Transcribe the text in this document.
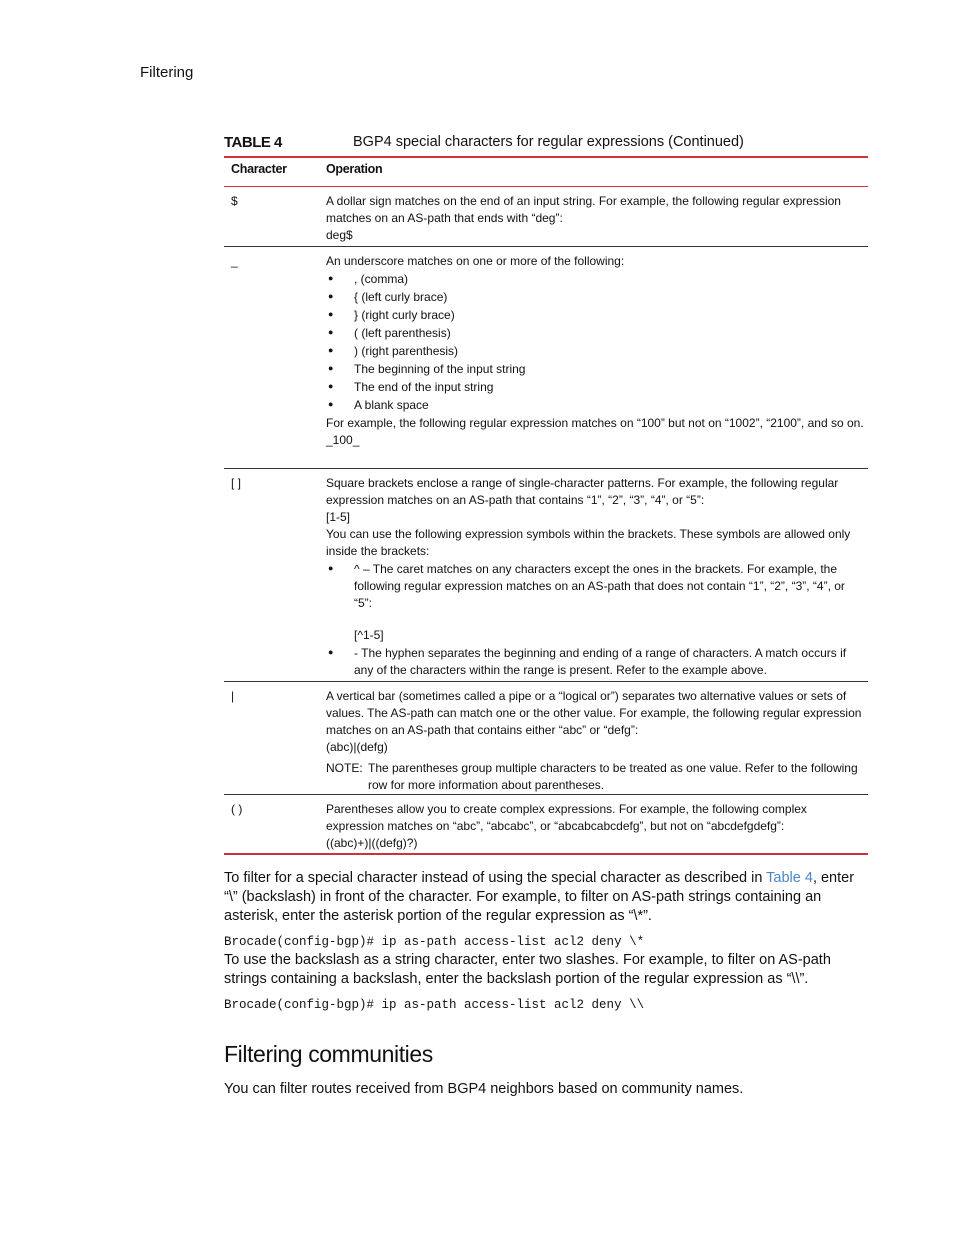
Filtering
TABLE 4	BGP4 special characters for regular expressions (Continued)
Character	Operation
$	A dollar sign matches on the end of an input string. For example, the following regular expression matches on an AS-path that ends with “deg”:

deg$

_	An underscore matches on one or more of the following:

● , (comma)
● { (left curly brace)
● } (right curly brace)
● ( (left parenthesis)
● ) (right parenthesis)
● The beginning of the input string
● The end of the input string
● A blank space

For example, the following regular expression matches on “100” but not on “1002”, “2100”, and so on.

_100_

[ ]	Square brackets enclose a range of single-character patterns. For example, the following regular expression matches on an AS-path that contains “1”, “2”, “3”, “4”, or “5”:

[1-5]

You can use the following expression symbols within the brackets. These symbols are allowed only inside the brackets:

● ^ – The caret matches on any characters except the ones in the brackets. For example, the following regular expression matches on an AS-path that does not contain “1”, “2”, “3”, “4”, or “5”:
[^1-5]
● - The hyphen separates the beginning and ending of a range of characters. A match occurs if any of the characters within the range is present. Refer to the example above.
|	A vertical bar (sometimes called a pipe or a “logical or”) separates two alternative values or sets of values. The AS-path can match one or the other value. For example, the following regular expression matches on an AS-path that contains either “abc” or “defg”:

(abc)|(defg)

NOTE: The parentheses group multiple characters to be treated as one value. Refer to the following row for more information about parentheses.
( )	Parentheses allow you to create complex expressions. For example, the following complex expression matches on “abc”, “abcabc”, or “abcabcabcdefg”, but not on “abcdefgdefg”:

((abc)+)|((defg)?)

To filter for a special character instead of using the special character as described in Table 4, enter “\” (backslash) in front of the character. For example, to filter on AS-path strings containing an asterisk, enter the asterisk portion of the regular expression as “\*”.

Brocade(config-bgp)# ip as-path access-list acl2 deny \*
To use the backslash as a string character, enter two slashes. For example, to filter on AS-path strings containing a backslash, enter the backslash portion of the regular expression as “\\”.
Brocade(config-bgp)# ip as-path access-list acl2 deny \\
Filtering communities
You can filter routes received from BGP4 neighbors based on community names.
